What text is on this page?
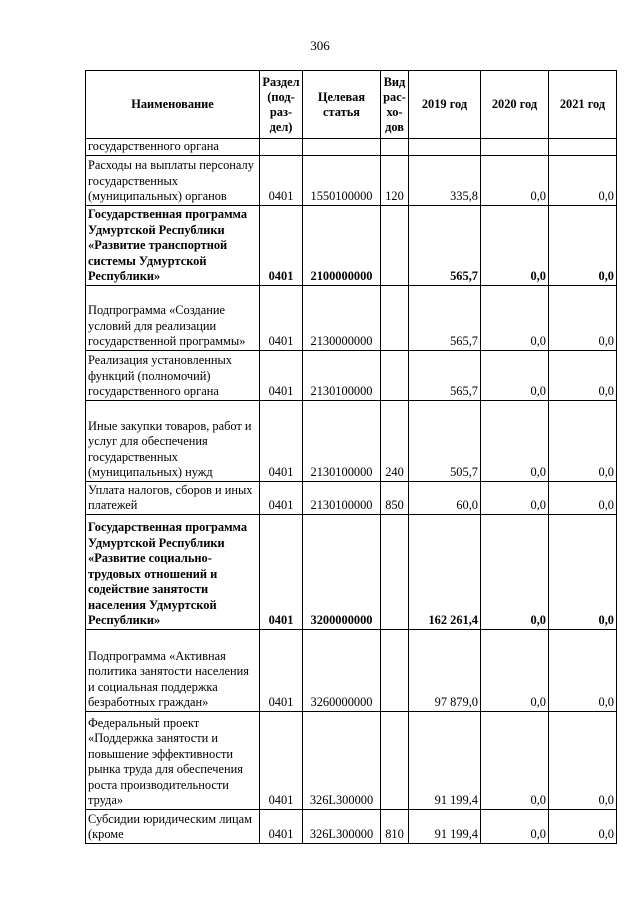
306
Наименование	Раздел (под-раз-дел)	Целевая статья	Вид рас-хо-дов	2019 год	2020 год	2021 год
государственного органа						
Расходы на выплаты персоналу государственных (муниципальных) органов	0401	1550100000	120	335,8	0,0	0,0
Государственная программа Удмуртской Республики «Развитие транспортной системы Удмуртской Республики»	0401	2100000000		565,7	0,0	0,0
Подпрограмма «Создание условий для реализации государственной программы»	0401	2130000000		565,7	0,0	0,0
Реализация установленных функций (полномочий) государственного органа	0401	2130100000		565,7	0,0	0,0
Иные закупки товаров, работ и услуг для обеспечения государственных (муниципальных) нужд	0401	2130100000	240	505,7	0,0	0,0
Уплата налогов, сборов и иных платежей	0401	2130100000	850	60,0	0,0	0,0
Государственная программа Удмуртской Республики «Развитие социально-трудовых отношений и содействие занятости населения Удмуртской Республики»	0401	3200000000		162 261,4	0,0	0,0
Подпрограмма «Активная политика занятости населения и социальная поддержка безработных граждан»	0401	3260000000		97 879,0	0,0	0,0
Федеральный проект «Поддержка занятости и повышение эффективности рынка труда для обеспечения роста производительности труда»	0401	326L300000		91 199,4	0,0	0,0
Субсидии юридическим лицам (кроме	0401	326L300000	810	91 199,4	0,0	0,0
